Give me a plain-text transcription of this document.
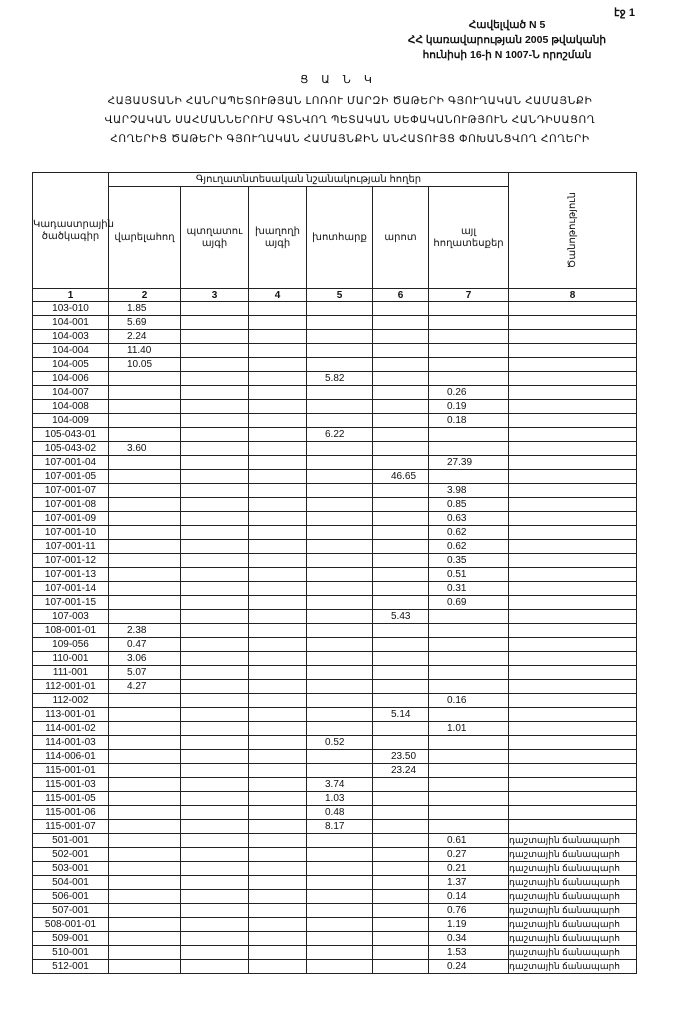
էջ 1
Հավելված N 5
ՀՀ կառավարության 2005 թվականի
հունիսի 16-ի N 1007-Ն որոշման
Ց Ա Ն Կ
ՀԱՅԱՍՏԱՆԻ ՀԱՆՐԱՊԵՏՈՒԹՅԱՆ ԼՈՌՈՒ ՄԱՐԶԻ ԾԱԹԵՐԻ ԳՅՈՒՂԱԿԱՆ ՀԱՄԱՅՆՔԻ
ՎԱՐՉԱԿԱՆ ՍԱՀՄԱՆՆԵՐՈՒՄ ԳՏՆՎՈՂ ՊԵՏԱԿԱՆ ՍԵՓԱԿԱՆՈՒԹՅՈՒՆ ՀԱՆԴԻՍԱՑՈՂ
ՀՈՂԵՐԻՑ ԾԱԹԵՐԻ ԳՅՈՒՂԱԿԱՆ ՀԱՄԱՅՆՔԻՆ ԱՆՀԱՏՈՒՅՑ ՓՈԽԱՆՑՎՈՂ ՀՈՂԵՐԻ
Կադաստրային ծածկագիր	Գյուղատնտեսական նշանակության հողեր						Ծանոթություն

	վարելահող	պտղատու այգի	խաղողի այգի	խոտհարք	արոտ	այլ հողատեսքեր	
1	2	3	4	5	6	7	8
103-010	1.85						
104-001	5.69						
104-003	2.24						
104-004	11.40						
104-005	10.05						
104-006				5.82			
104-007						0.26	
104-008						0.19	
104-009						0.18	
105-043-01				6.22			
105-043-02	3.60						
107-001-04						27.39	
107-001-05					46.65		
107-001-07						3.98	
107-001-08						0.85	
107-001-09						0.63	
107-001-10						0.62	
107-001-11						0.62	
107-001-12						0.35	
107-001-13						0.51	
107-001-14						0.31	
107-001-15						0.69	
107-003					5.43		
108-001-01	2.38						
109-056	0.47						
110-001	3.06						
111-001	5.07						
112-001-01	4.27						
112-002						0.16	
113-001-01					5.14		
114-001-02						1.01	
114-001-03				0.52			
114-006-01					23.50		
115-001-01					23.24		
115-001-03				3.74			
115-001-05				1.03			
115-001-06				0.48			
115-001-07				8.17			
501-001						0.61	դաշտային ճանապարհ
502-001						0.27	դաշտային ճանապարհ
503-001						0.21	դաշտային ճանապարհ
504-001						1.37	դաշտային ճանապարհ
506-001						0.14	դաշտային ճանապարհ
507-001						0.76	դաշտային ճանապարհ
508-001-01						1.19	դաշտային ճանապարհ
509-001						0.34	դաշտային ճանապարհ
510-001						1.53	դաշտային ճանապարհ
512-001						0.24	դաշտային ճանապարհ
